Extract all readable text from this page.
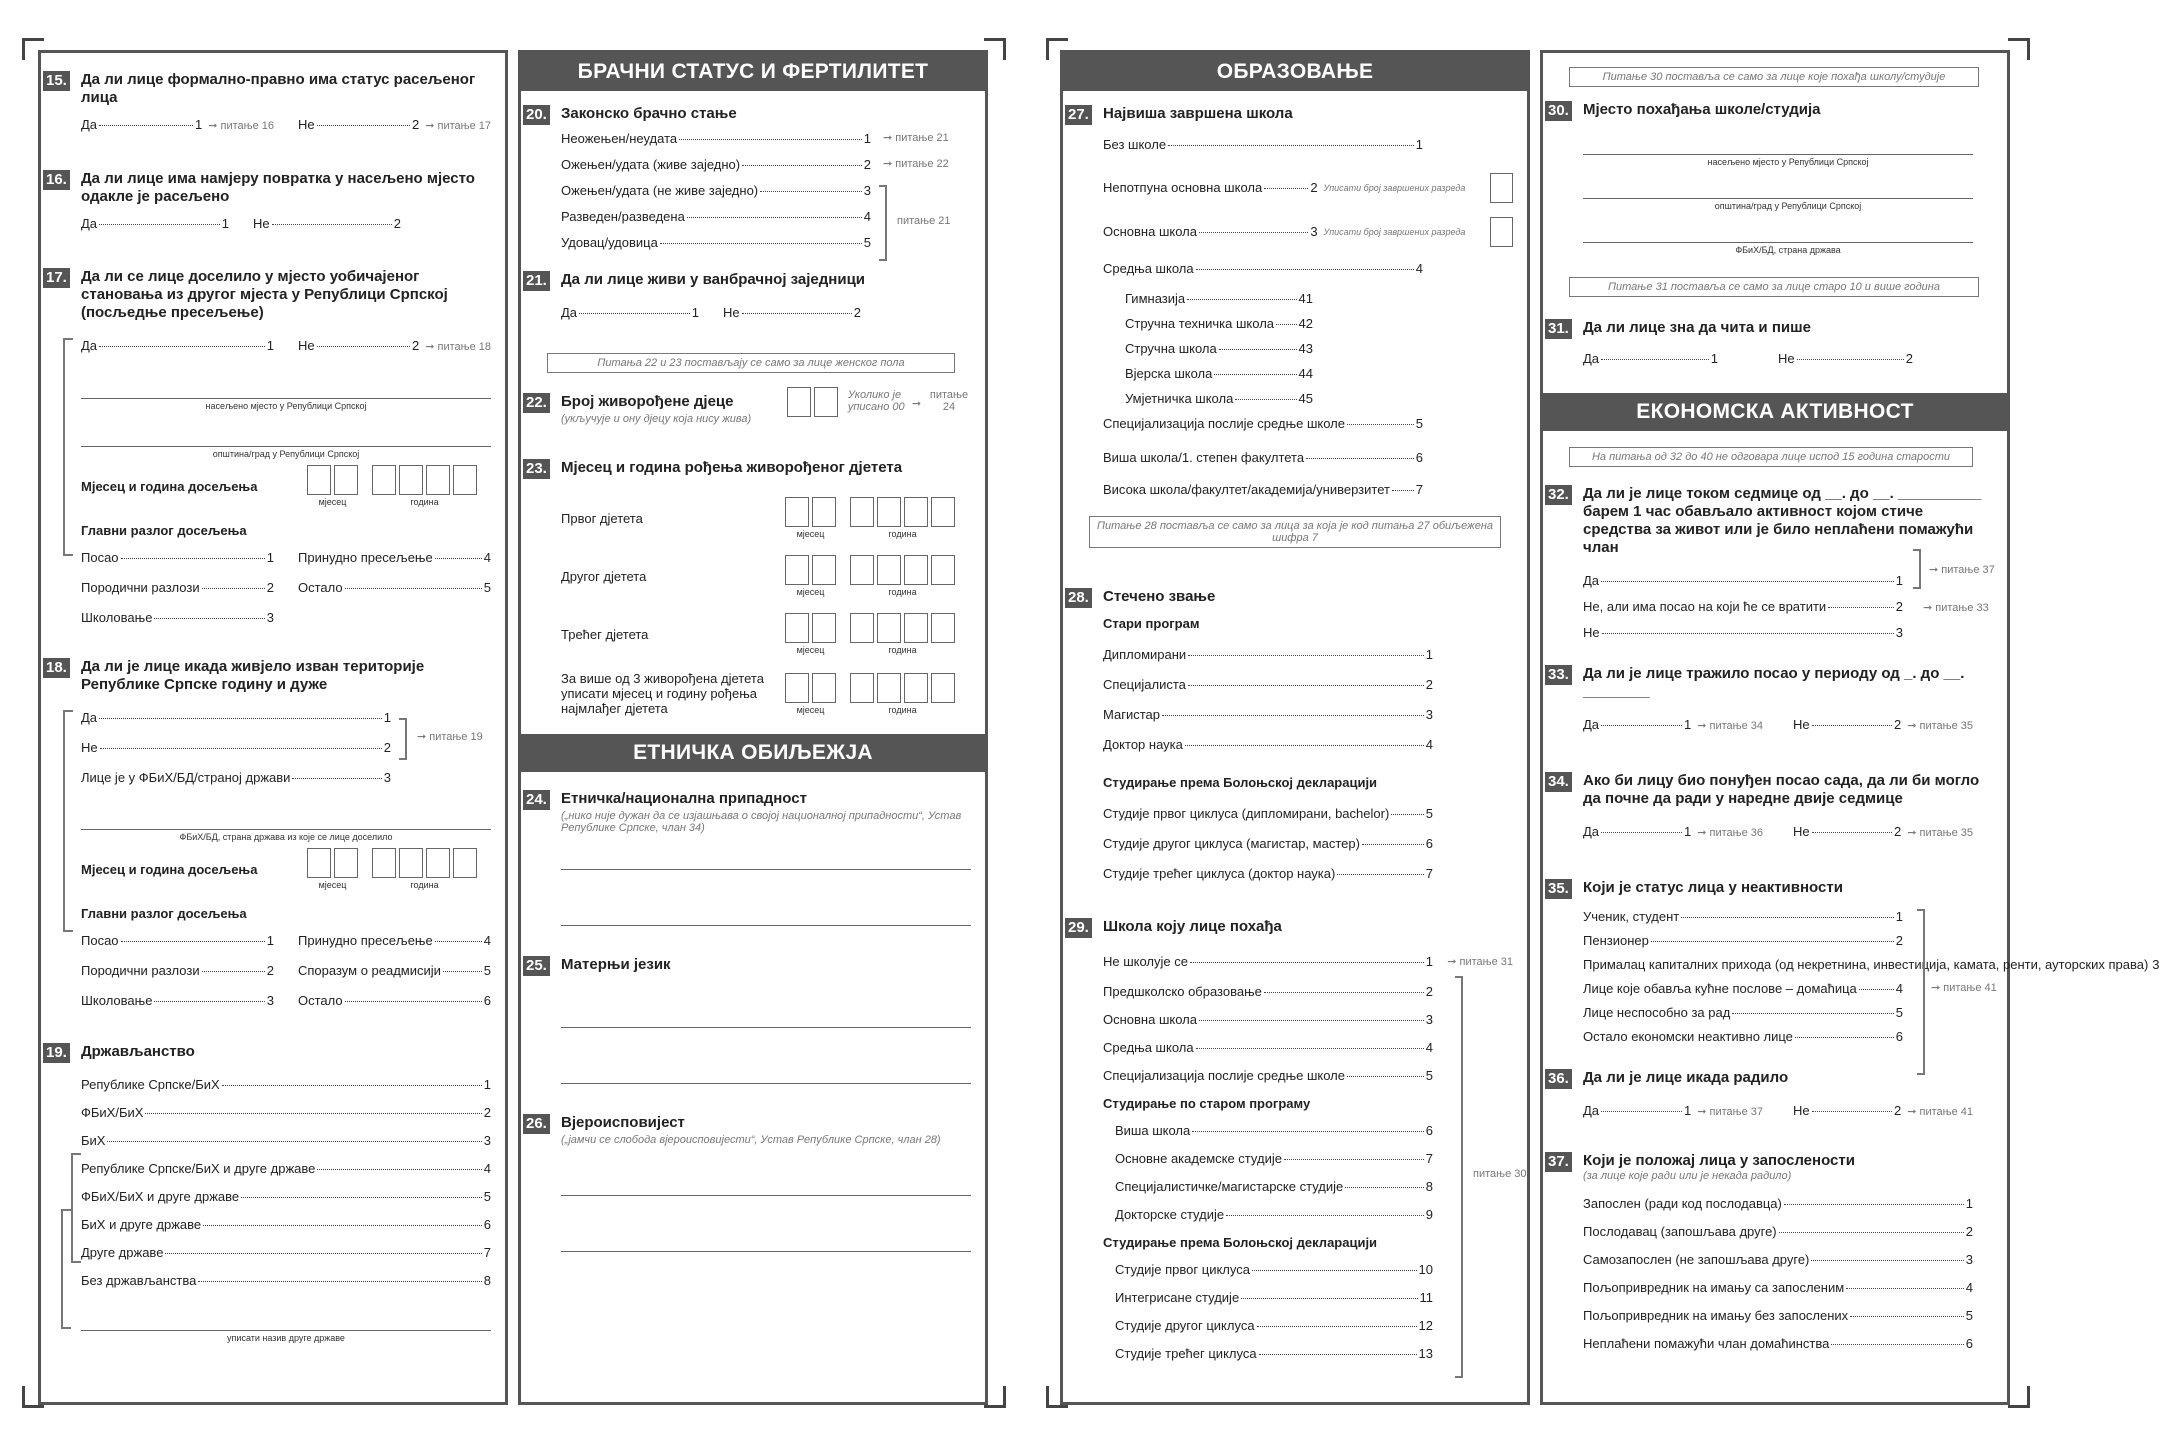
15. Да ли лице формално-правно има статус расељеног лица
Да	1 ➞ питање 16 Не	2 ➞ питање 17
16. Да ли лице има намјеру повратка у насељено мјесто одакле је расељено
Да	1 Не	2
17. Да ли се лице доселило у мјесто уобичајеног становања из другог мјеста у Републици Српској (посљедње пресељење)
Да	1 Не	2 ➞ питање 18
насељено мјесто у Републици Српској
општина/град у Републици Српској
Мјесец и година досељења
мјесец	година
Главни разлог досељења
Посао	1 Принудно пресељење	4
Породични разлози	2 Остало	5
Школовање	3
18. Да ли је лице икада живјело изван територије Републике Српске годину и дуже
Да	1
Не	2
Лице је у ФБиХ/БД/страној држави	3
➞ питање 19
ФБиХ/БД, страна држава из које се лице доселило
Мјесец и година досељења
мјесец	година
Главни разлог досељења
Посао	1 Принудно пресељење	4
Породични разлози	2 Споразум о реадмисији	5
Школовање	3 Остало	6
19. Држављанство
Републике Српске/БиХ	1
ФБиХ/БиХ	2
БиХ	3
Републике Српске/БиХ и друге државе	4
ФБиХ/БиХ и друге државе	5
БиХ и друге државе	6
Друге државе	7
Без држављанства	8
уписати назив друге државе
БРАЧНИ СТАТУС И ФЕРТИЛИТЕТ
20. Законско брачно стање
Неожењен/неудата	1
Ожењен/удата (живе заједно)	2
Ожењен/удата (не живе заједно)	3
Разведен/разведена	4
Удовац/удовица	5
➞ питање 21
➞ питање 22
питање 21
21. Да ли лице живи у ванбрачној заједници
Да	1 Не	2
Питања 22 и 23 постављају се само за лице женског пола
22. Број живорођене дјеце
(укључује и ону дјецу која нису жива)
Уколико је уписано 00 ➞
питање 24
23. Мјесец и година рођења живорођеног дјетета
Првог дјетета
мјесец	година
Другог дјетета
мјесец	година
Трећег дјетета
мјесец	година
За више од 3 живорођена дјетета уписати мјесец и годину рођења најмлађег дјетета	мјесец	година
ЕТНИЧКА ОБИЉЕЖЈА
24. Етничка/национална припадност
(„нико није дужан да се изјашњава о својој националној припадности“, Устав Републике Српске, члан 34)
25. Матерњи језик
26. Вјероисповијест
(„јамчи се слобода вјероисповијести“, Устав Републике Српске, члан 28)
ОБРАЗОВАЊЕ
27. Највиша завршена школа
Без школе	1
Непотпуна основна школа	2 Уписати број завршених разреда
Основна школа	3 Уписати број завршених разреда
Средња школа	4
Гимназија	41
Стручна техничка школа 42
Стручна школа	43
Вјерска школа	44
Умјетничка школа	45
Специјализација послије средње школе	5
Виша школа/1. степен факултета	6
Висока школа/факултет/академија/универзитет 7
Питање 28 поставља се само за лица за која је код питања 27 обиљежена шифра 7
28. Стечено звање
Стари програм
Дипломирани	1
Специјалиста	2
Магистар	3
Доктор наука	4
Студирање према Болоњској декларацији
Студије првог циклуса (дипломирани, bachelor)	5
Студије другог циклуса (магистар, мастер)	6
Студије трећег циклуса (доктор наука)	7
29. Школа коју лице похађа
Не школује се	1 ➞ питање 31
питање 30
Предшколско образовање	2
Основна школа	3
Средња школа	4
Специјализација послије средње школе	5
Студирање по старом програму
Виша школа	6
Основне академске студије	7
Специјалистичке/магистарске студије	8
Докторске студије	9
Студирање према Болоњској декларацији
Студије првог циклуса	10
Интегрисане студије	11
Студије другог циклуса	12
Студије трећег циклуса	13
Питање 30 поставља се само за лице које похађа школу/студије
30. Мјесто похађања школе/студија
насељено мјесто у Републици Српској
општина/град у Републици Српској
ФБиХ/БД, страна држава
Питање 31 поставља се само за лице старо 10 и више година
31. Да ли лице зна да чита и пише
Да	1	Не	2
ЕКОНОМСКА АКТИВНОСТ
На питања од 32 до 40 не одговара лице испод 15 година старости
32. Да ли је лице током седмице од __. до __. __________ барем 1 час обављало активност којом стиче средства за живот или је било неплаћени помажући члан
Да	1
Не, али има посао на који ће се вратити	2
Не	3
➞ питање 37
➞ питање 33
33. Да ли је лице тражило посао у периоду од _. до __. ________
Да	1 ➞ питање 34 Не	2 ➞ питање 35
34. Ако би лицу био понуђен посао сада, да ли би могло да почне да ради у наредне двије седмице
Да	1 ➞ питање 36 Не	2 ➞ питање 35
35. Који је статус лица у неактивности
Ученик, студент	1
Пензионер	2
Прималац капиталних прихода (од некретнина, инвестиција, камата, ренти, ауторских права) 3
Лице које обавља кућне послове – домаћица	4
Лице неспособно за рад	5
Остало економски неактивно лице	6
➞ питање 41
36. Да ли је лице икада радило
Да	1 ➞ питање 37 Не	2 ➞ питање 41
37. Који је положај лица у запослености
(за лице које ради или је некада радило)
Запослен (ради код послодавца)	1
Послодавац (запошљава друге)	2
Самозапослен (не запошљава друге)	3
Пољопривредник на имању са запосленим	4
Пољопривредник на имању без запослених	5
Неплаћени помажући члан домаћинства	6
